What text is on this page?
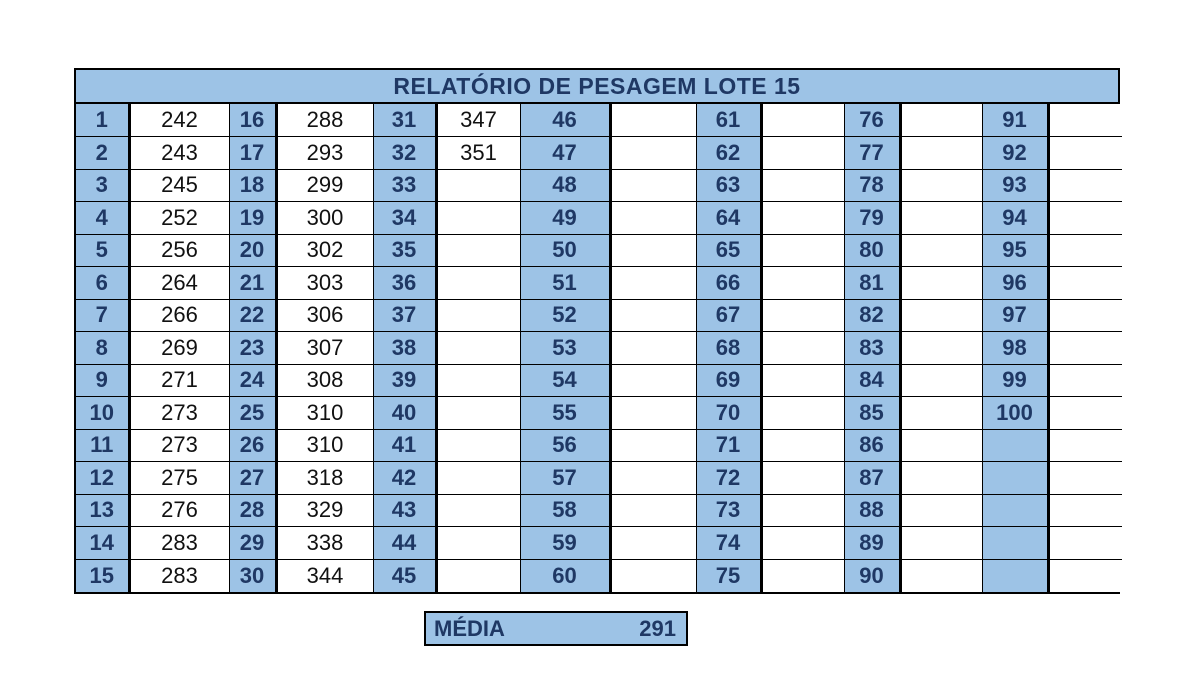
RELATÓRIO DE PESAGEM LOTE 15
1	242	16	288	31	347	46		61		76		91	
2	243	17	293	32	351	47		62		77		92	
3	245	18	299	33		48		63		78		93	
4	252	19	300	34		49		64		79		94	
5	256	20	302	35		50		65		80		95	
6	264	21	303	36		51		66		81		96	
7	266	22	306	37		52		67		82		97	
8	269	23	307	38		53		68		83		98	
9	271	24	308	39		54		69		84		99	
10	273	25	310	40		55		70		85		100	
11	273	26	310	41		56		71		86			
12	275	27	318	42		57		72		87			
13	276	28	329	43		58		73		88			
14	283	29	338	44		59		74		89			
15	283	30	344	45		60		75		90			
MÉDIA	291
